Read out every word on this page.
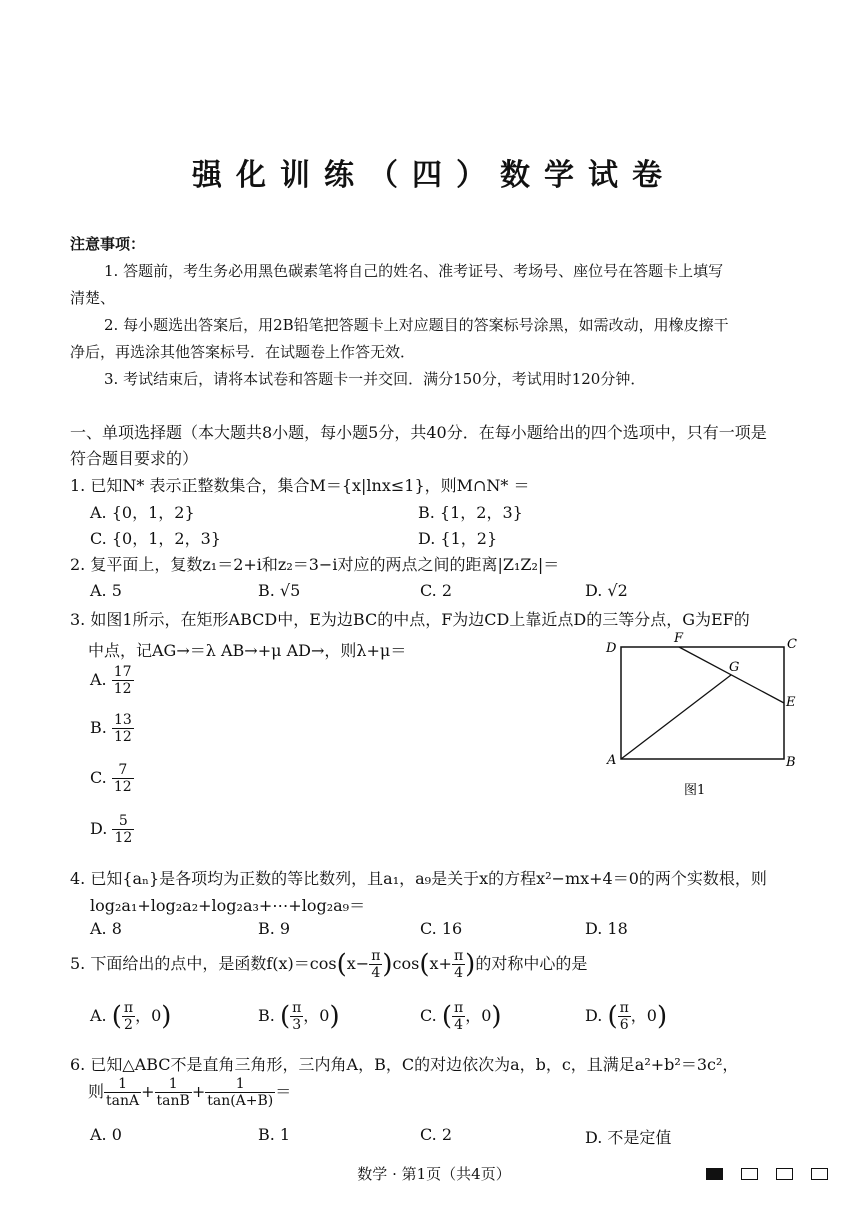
强化训练（四）数学试卷
注意事项：
1. 答题前，考生务必用黑色碳素笔将自己的姓名、准考证号、考场号、座位号在答题卡上填写
清楚、
2. 每小题选出答案后，用2B铅笔把答题卡上对应题目的答案标号涂黑，如需改动，用橡皮擦干
净后，再选涂其他答案标号．在试题卷上作答无效．
3. 考试结束后，请将本试卷和答题卡一并交回．满分150分，考试用时120分钟．
一、单项选择题（本大题共8小题，每小题5分，共40分．在每小题给出的四个选项中，只有一项是
符合题目要求的）
1. 已知N* 表示正整数集合，集合M＝{x|lnx≤1}，则M∩N* ＝
A. {0，1，2}	B. {1，2，3}
C. {0，1，2，3}	D. {1，2}
2. 复平面上，复数z₁＝2+i和z₂＝3−i对应的两点之间的距离|Z₁Z₂|＝
A. 5	B. √5	C. 2	D. √2
3. 如图1所示，在矩形ABCD中，E为边BC的中点，F为边CD上靠近点D的三等分点，G为EF的
中点，记AG→＝λ AB→+μ AD→，则λ+μ＝
A. $\frac{17}{12}$
B. $\frac{13}{12}$
C. $\frac{7}{12}$
D. $\frac{5}{12}$
D
F	C
G
E
A	B
图1
4. 已知{aₙ}是各项均为正数的等比数列，且a₁，a₉是关于x的方程x²−mx+4＝0的两个实数根，则
log₂a₁+log₂a₂+log₂a₃+⋯+log₂a₉＝
A. 8	B. 9	C. 16	D. 18
5. 下面给出的点中，是函数$f(x)=\cos(x- \frac{\pi}{4} )\cos(x+ \frac{\pi}{4}$ )的对称中心的是
A. ( $\frac{\pi}{2}$ ，0)	B. ( $\frac{\pi}{3}$ ，0)	C. ( $\frac{\pi}{4}$ ，0)	D. ( $\frac{\pi}{6}$ ，0)
6. 已知△ABC不是直角三角形，三内角A，B，C的对边依次为a，b，c，且满足a²+b²＝3c²，
则 $\frac{1}{\tan A} + \frac{1}{\tan B} + \frac{1}{\tan(A+B)}$ ＝
A. 0	B. 1	C. 2	D. 不是定值
数学 · 第1页（共4页）
